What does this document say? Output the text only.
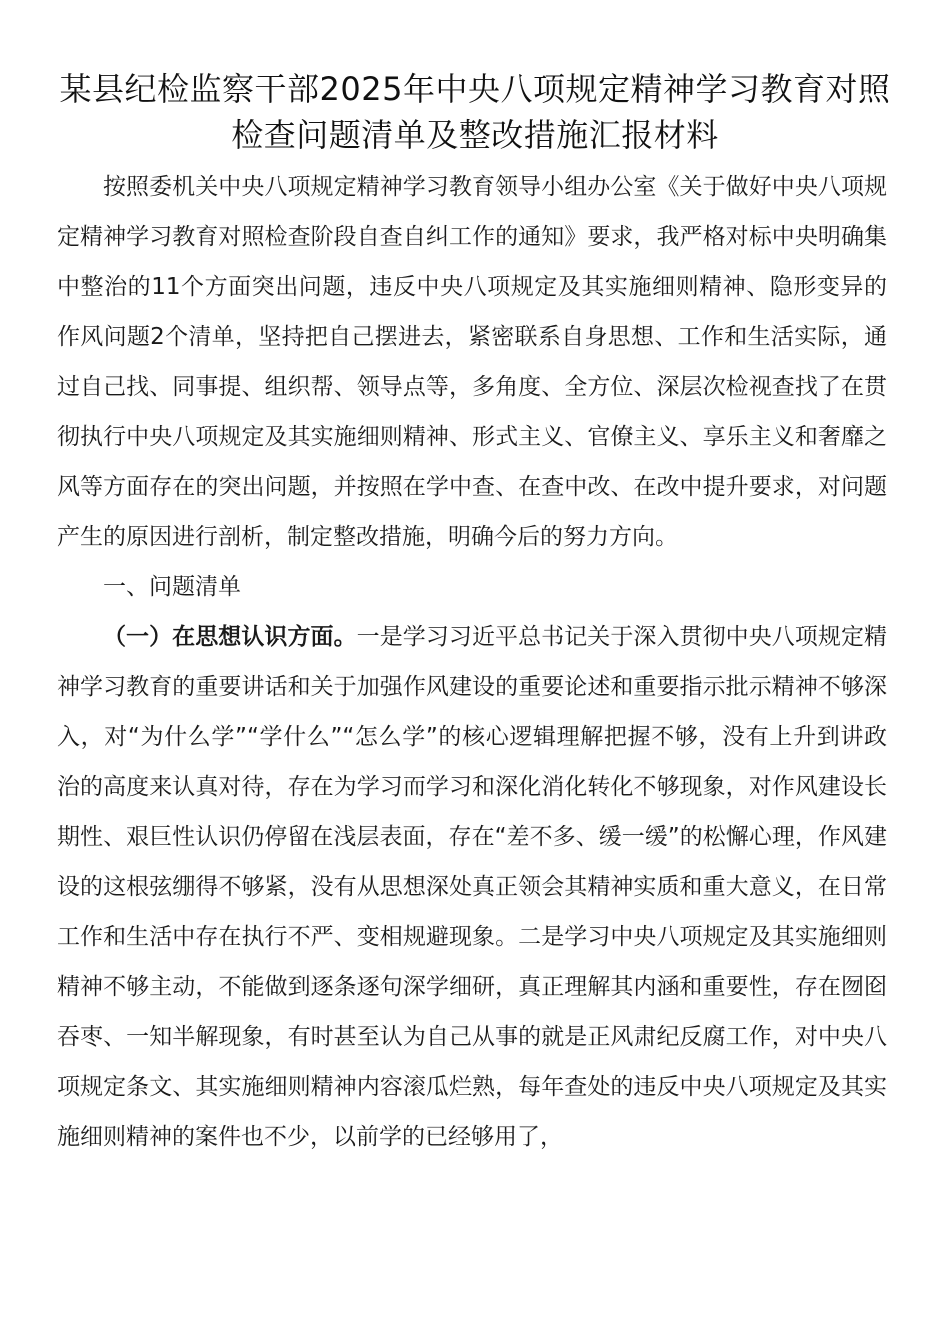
某县纪检监察干部2025年中央八项规定精神学习教育对照检查问题清单及整改措施汇报材料

按照委机关中央八项规定精神学习教育领导小组办公室《关于做好中央八项规定精神学习教育对照检查阶段自查自纠工作的通知》要求，我严格对标中央明确集中整治的11个方面突出问题，违反中央八项规定及其实施细则精神、隐形变异的作风问题2个清单，坚持把自己摆进去，紧密联系自身思想、工作和生活实际，通过自己找、同事提、组织帮、领导点等，多角度、全方位、深层次检视查找了在贯彻执行中央八项规定及其实施细则精神、形式主义、官僚主义、享乐主义和奢靡之风等方面存在的突出问题，并按照在学中查、在查中改、在改中提升要求，对问题产生的原因进行剖析，制定整改措施，明确今后的努力方向。

一、问题清单

（一）在思想认识方面。一是学习习近平总书记关于深入贯彻中央八项规定精神学习教育的重要讲话和关于加强作风建设的重要论述和重要指示批示精神不够深入，对“为什么学”“学什么”“怎么学”的核心逻辑理解把握不够，没有上升到讲政治的高度来认真对待，存在为学习而学习和深化消化转化不够现象，对作风建设长期性、艰巨性认识仍停留在浅层表面，存在“差不多、缓一缓”的松懈心理，作风建设的这根弦绷得不够紧，没有从思想深处真正领会其精神实质和重大意义，在日常工作和生活中存在执行不严、变相规避现象。二是学习中央八项规定及其实施细则精神不够主动，不能做到逐条逐句深学细研，真正理解其内涵和重要性，存在囫囵吞枣、一知半解现象，有时甚至认为自己从事的就是正风肃纪反腐工作，对中央八项规定条文、其实施细则精神内容滚瓜烂熟，每年查处的违反中央八项规定及其实施细则精神的案件也不少，以前学的已经够用了，
